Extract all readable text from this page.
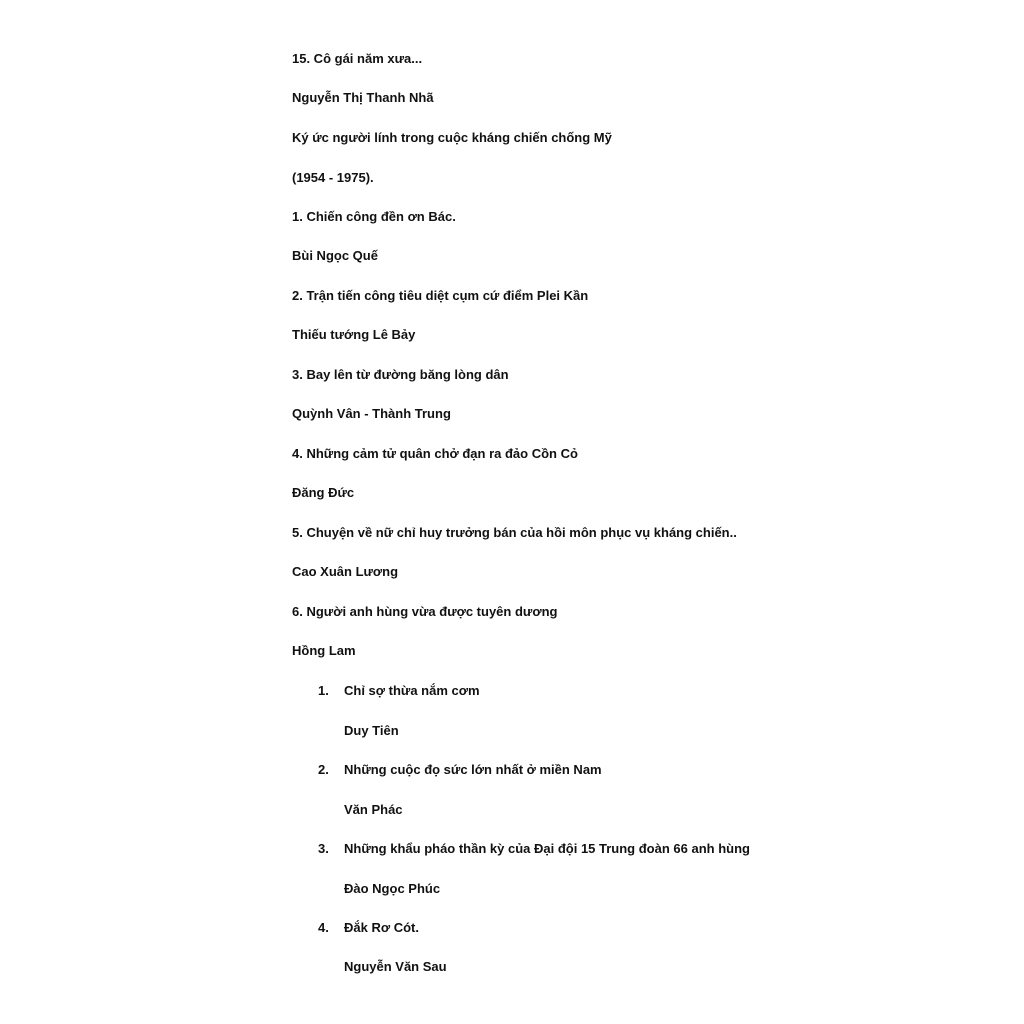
15. Cô gái năm xưa...
Nguyễn Thị Thanh Nhã
Ký ức người lính trong cuộc kháng chiến chống Mỹ
(1954 - 1975).
1. Chiến công đền ơn Bác.
Bùi Ngọc Quế
2. Trận tiến công tiêu diệt cụm cứ điểm Plei Kần
Thiếu tướng Lê Bảy
3. Bay lên từ đường băng lòng dân
Quỳnh Vân - Thành Trung
4. Những cảm tử quân chở đạn ra đảo Cồn Cỏ
Đăng Đức
5. Chuyện về nữ chỉ huy trưởng bán của hồi môn phục vụ kháng chiến..
Cao Xuân Lương
6. Người anh hùng vừa được tuyên dương
Hồng Lam
1. Chỉ sợ thừa nắm cơm
Duy Tiên
2. Những cuộc đọ sức lớn nhất ở miền Nam
Văn Phác
3. Những khẩu pháo thần kỳ của Đại đội 15 Trung đoàn 66 anh hùng
Đào Ngọc Phúc
4. Đắk Rơ Cót.
Nguyễn Văn Sau
